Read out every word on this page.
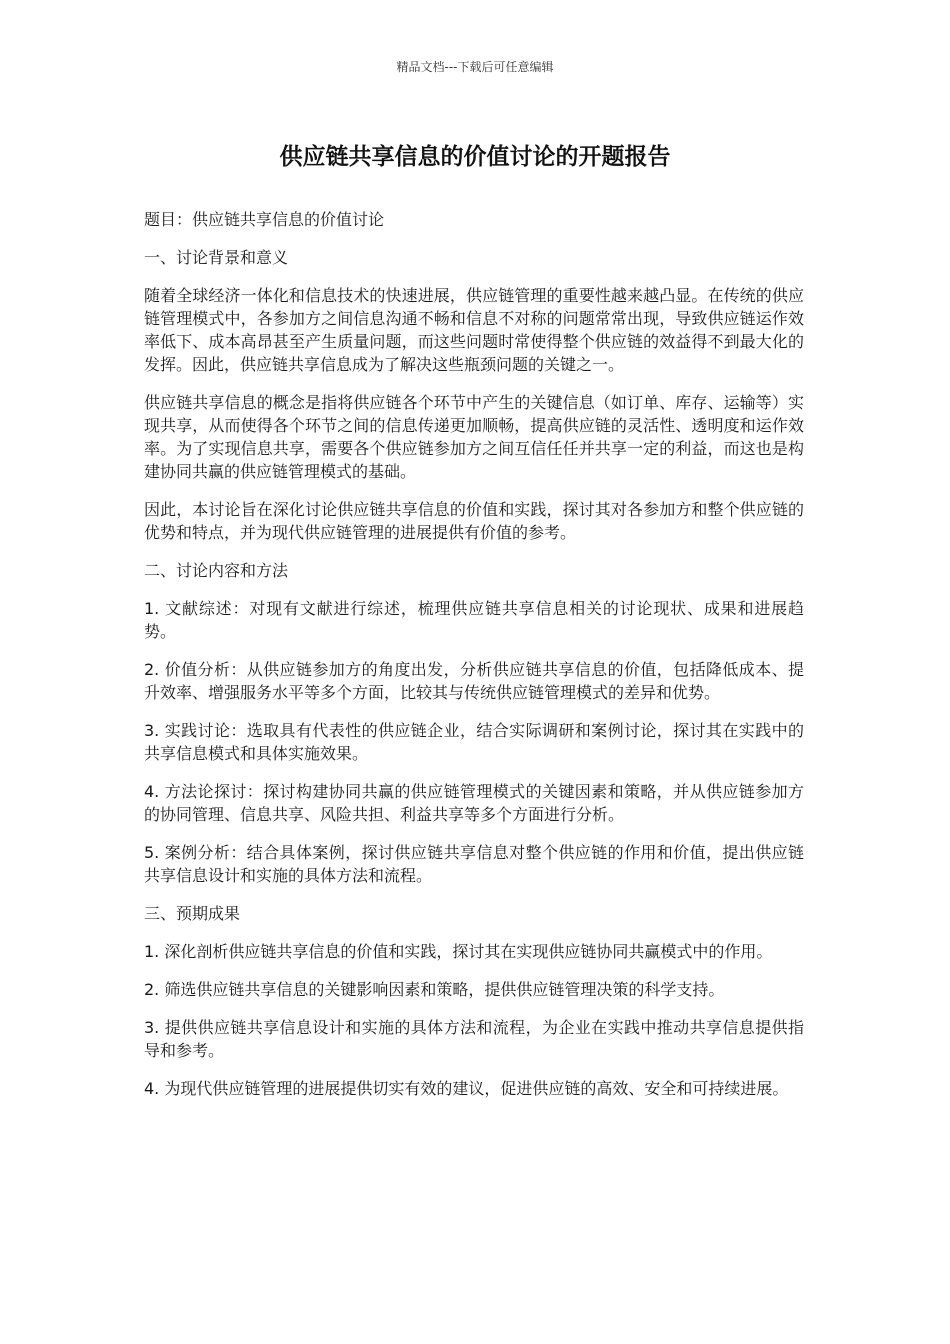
精品文档---下载后可任意编辑
供应链共享信息的价值讨论的开题报告

题目：供应链共享信息的价值讨论

一、讨论背景和意义

随着全球经济一体化和信息技术的快速进展，供应链管理的重要性越来越凸显。在传统的供应链管理模式中，各参加方之间信息沟通不畅和信息不对称的问题常常出现，导致供应链运作效率低下、成本高昂甚至产生质量问题，而这些问题时常使得整个供应链的效益得不到最大化的发挥。因此，供应链共享信息成为了解决这些瓶颈问题的关键之一。

供应链共享信息的概念是指将供应链各个环节中产生的关键信息（如订单、库存、运输等）实现共享，从而使得各个环节之间的信息传递更加顺畅，提高供应链的灵活性、透明度和运作效率。为了实现信息共享，需要各个供应链参加方之间互信任任并共享一定的利益，而这也是构建协同共赢的供应链管理模式的基础。

因此，本讨论旨在深化讨论供应链共享信息的价值和实践，探讨其对各参加方和整个供应链的优势和特点，并为现代供应链管理的进展提供有价值的参考。

二、讨论内容和方法

1. 文献综述：对现有文献进行综述，梳理供应链共享信息相关的讨论现状、成果和进展趋势。

2. 价值分析：从供应链参加方的角度出发，分析供应链共享信息的价值，包括降低成本、提升效率、增强服务水平等多个方面，比较其与传统供应链管理模式的差异和优势。

3. 实践讨论：选取具有代表性的供应链企业，结合实际调研和案例讨论，探讨其在实践中的共享信息模式和具体实施效果。

4. 方法论探讨：探讨构建协同共赢的供应链管理模式的关键因素和策略，并从供应链参加方的协同管理、信息共享、风险共担、利益共享等多个方面进行分析。

5. 案例分析：结合具体案例，探讨供应链共享信息对整个供应链的作用和价值，提出供应链共享信息设计和实施的具体方法和流程。

三、预期成果

1. 深化剖析供应链共享信息的价值和实践，探讨其在实现供应链协同共赢模式中的作用。

2. 筛选供应链共享信息的关键影响因素和策略，提供供应链管理决策的科学支持。

3. 提供供应链共享信息设计和实施的具体方法和流程，为企业在实践中推动共享信息提供指导和参考。

4. 为现代供应链管理的进展提供切实有效的建议，促进供应链的高效、安全和可持续进展。
